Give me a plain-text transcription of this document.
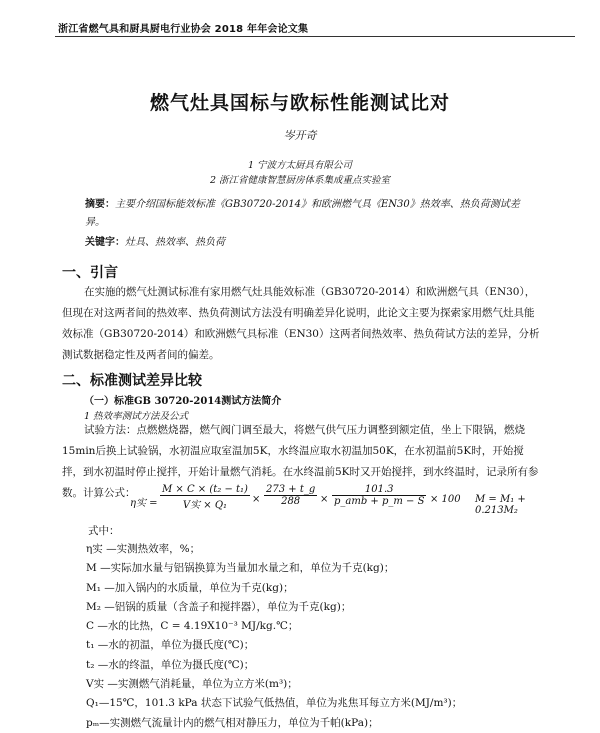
浙江省燃气具和厨具厨电行业协会 2018 年年会论文集
燃气灶具国标与欧标性能测试比对
岑开奇
1 宁波方太厨具有限公司
2 浙江省健康智慧厨房体系集成重点实验室
摘要：主要介绍国标能效标准《GB30720-2014》和欧洲燃气具《EN30》热效率、热负荷测试差异。
关键字：灶具、热效率、热负荷
一、引言
在实施的燃气灶测试标准有家用燃气灶具能效标准（GB30720-2014）和欧洲燃气具（EN30），但现在对这两者间的热效率、热负荷测试方法没有明确差异化说明，此论文主要为探索家用燃气灶具能效标准（GB30720-2014）和欧洲燃气具标准（EN30）这两者间热效率、热负荷试方法的差异，分析测试数据稳定性及两者间的偏差。
二、标准测试差异比较
（一）标准GB 30720-2014测试方法简介
1 热效率测试方法及公式
试验方法：点燃燃烧器，燃气阀门调至最大，将燃气供气压力调整到额定值，坐上下限锅，燃烧15min后换上试验锅，水初温应取室温加5K，水终温应取水初温加50K，在水初温前5K时，开始搅拌，到水初温时停止搅拌，开始计量燃气消耗。在水终温前5K时又开始搅拌，到水终温时，记录所有参数。计算公式：
η实 =
M × C × (t₂ − t₁)
V实 × Q₁
× $\frac{273 + t\_g}{288}$ ×
101.3
p_amb + p_m − S × 100 M = M₁ + 0.213M₂
式中：
η实 —实测热效率，%；
M —实际加水量与铝锅换算为当量加水量之和，单位为千克(kg)；
M₁ —加入锅内的水质量，单位为千克(kg)；
M₂ —铝锅的质量（含盖子和搅拌器），单位为千克(kg)；
C —水的比热，C = 4.19X10⁻³ MJ/kg.℃；
t₁ —水的初温，单位为摄氏度(℃)；
t₂ —水的终温，单位为摄氏度(℃)；
V实 —实测燃气消耗量，单位为立方米(m³)；
Q₁—15℃，101.3 kPa 状态下试验气低热值，单位为兆焦耳每立方米(MJ/m³)；
pₘ—实测燃气流量计内的燃气相对静压力，单位为千帕(kPa)；
